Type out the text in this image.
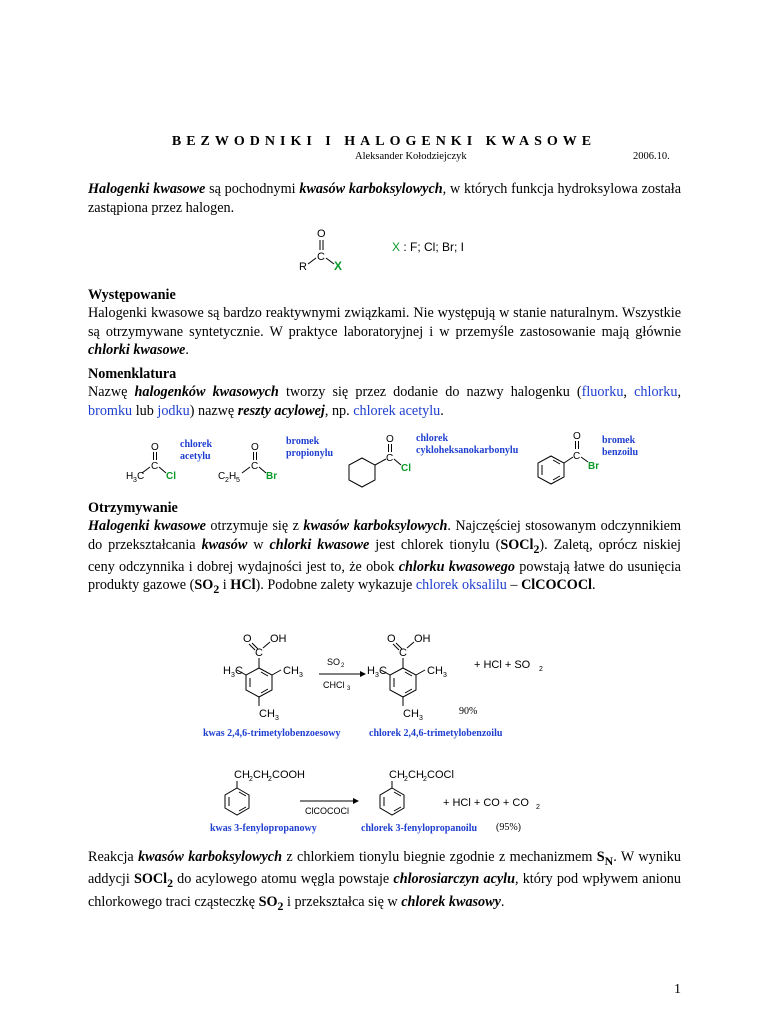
BEZWODNIKI I HALOGENKI KWASOWE
Aleksander Kołodziejczyk	2006.10.
Halogenki kwasowe są pochodnymi kwasów karboksylowych, w których funkcja hydroksylowa została zastąpiona przez halogen.
O
C
R X
X : F; Cl; Br; I
Występowanie
Halogenki kwasowe są bardzo reaktywnymi związkami. Nie występują w stanie naturalnym. Wszystkie są otrzymywane syntetycznie. W praktyce laboratoryjnej i w przemyśle zastosowanie mają głównie chlorki kwasowe.
Nomenklatura
Nazwę halogenków kwasowych tworzy się przez dodanie do nazwy halogenku (fluorku, chlorku, bromku lub jodku) nazwę reszty acylowej, np. chlorek acetylu.
O
C
H 3 C Cl
O
C
C 2 H 5	Br
O
C
Cl
O
C
Br
chlorek acetylu
bromek propionylu
chlorek cykloheksanokarbonylu
bromek benzoilu
Otrzymywanie
Halogenki kwasowe otrzymuje się z kwasów karboksylowych. Najczęściej stosowanym odczynnikiem do przekształcania kwasów w chlorki kwasowe jest chlorek tionylu (SOCl$_2$). Zaletą, oprócz niskiej ceny odczynnika i dobrej wydajności jest to, że obok chlorku kwasowego powstają łatwe do usunięcia produkty gazowe ($SO_2$ i HCl). Podobne zalety wykazuje chlorek oksalilu – ClCOCOCl.
O
C
OH
H 3 C	C H 3
C H 3
SO 2
CHCl 3
O
C
OH
H 3 C	C H 3
C H 3
+ HCl + SO 2
90%
kwas 2,4,6-trimetylobenzoesowy	chlorek 2,4,6-trimetylobenzoilu
CH 2 CH 2 COOH
ClCOCOCl
CH 2 CH 2 COCl
+ HCl + CO + CO 2
kwas 3-fenylopropanowy	chlorek 3-fenylopropanoilu (95%)
Reakcja kwasów karboksylowych z chlorkiem tionylu biegnie zgodnie z mechanizmem $S_N$. W wyniku addycji SOCl$_2$ do acylowego atomu węgla powstaje chlorosiarczyn acylu, który pod wpływem anionu chlorkowego traci cząsteczkę $SO_2$ i przekształca się w chlorek kwasowy.
1
